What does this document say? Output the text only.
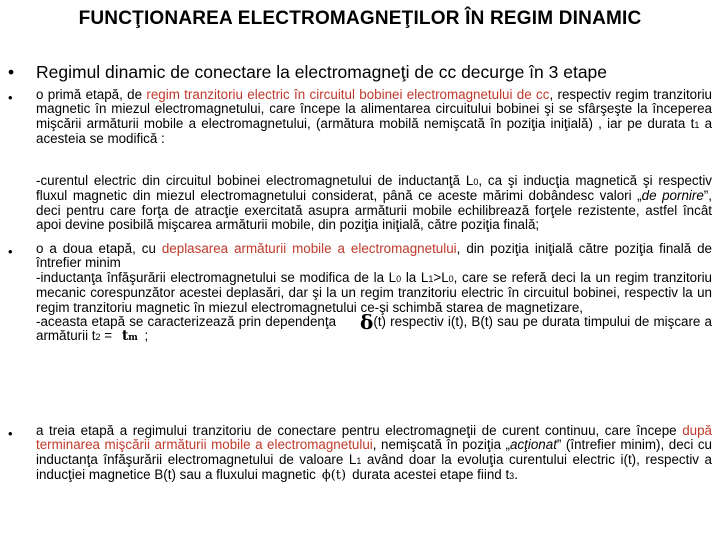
FUNCŢIONAREA ELECTROMAGNEŢILOR ÎN REGIM DINAMIC
•	Regimul dinamic de conectare la electromagneţi de cc decurge în 3 etape
• o primă etapă, de regim tranzitoriu electric în circuitul bobinei electromagnetului de cc, respectiv regim tranzitoriu magnetic în miezul electromagnetului, care începe la alimentarea circuitului bobinei şi se sfârşeşte la începerea mişcării armăturii mobile a electromagnetului, (armătura mobilă nemişcată în poziţia iniţială) , iar pe durata t1 a acesteia se modifică :
-curentul electric din circuitul bobinei electromagnetului de inductanţă L0, ca şi inducţia magnetică şi respectiv fluxul magnetic din miezul electromagnetului considerat, până ce aceste mărimi dobândesc valori „de pornire”, deci pentru care forţa de atracţie exercitată asupra armăturii mobile echilibrează forţele rezistente, astfel încât apoi devine posibilă mişcarea armăturii mobile, din poziţia iniţială, către poziţia finală;
• o a doua etapă, cu deplasarea armăturii mobile a electromagnetului, din poziţia iniţială către poziţia finală de întrefier minim
-inductanţa înfăşurării electromagnetului se modifica de la L0 la L1>L0, care se referă deci la un regim tranzitoriu mecanic corespunzător acestei deplasări, dar şi la un regim tranzitoriu electric în circuitul bobinei, respectiv la un regim tranzitoriu magnetic în miezul electromagnetului ce-şi schimbă starea de magnetizare,
-aceasta etapă se caracterizează prin dependenţa δ(t) respectiv i(t), B(t) sau pe durata timpului de mişcare a armăturii t2 = tm ;
• a treia etapă a regimului tranzitoriu de conectare pentru electromagneţii de curent continuu, care începe după terminarea mişcării armăturii mobile a electromagnetului, nemişcată în poziţia „acţionat” (întrefier minim), deci cu inductanţa înfăşurării electromagnetului de valoare L1 având doar la evoluţia curentului electric i(t), respectiv a inducţiei magnetice B(t) sau a fluxului magnetic ϕ(t) durata acestei etape fiind t3.
